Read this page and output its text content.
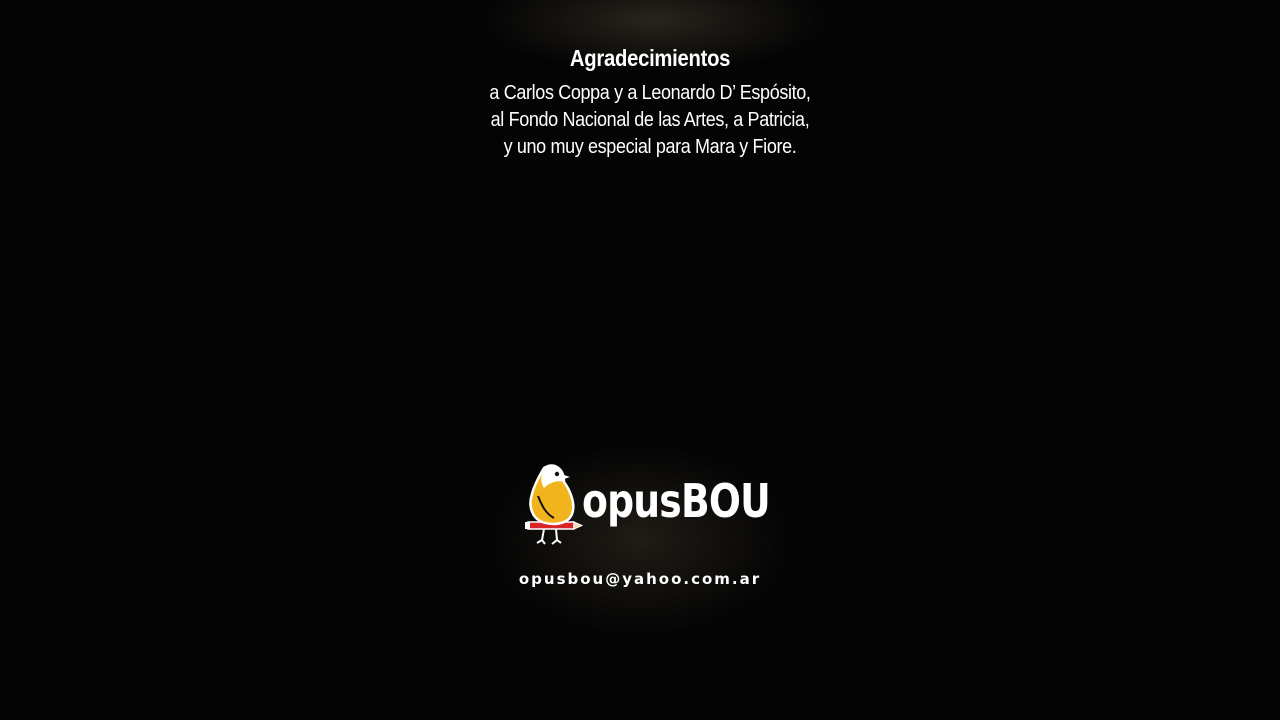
Agradecimientos

a Carlos Coppa y a Leonardo D’ Espósito,

al Fondo Nacional de las Artes, a Patricia,

y uno muy especial para Mara y Fiore.

opusBOU
opusbou@yahoo.com.ar
